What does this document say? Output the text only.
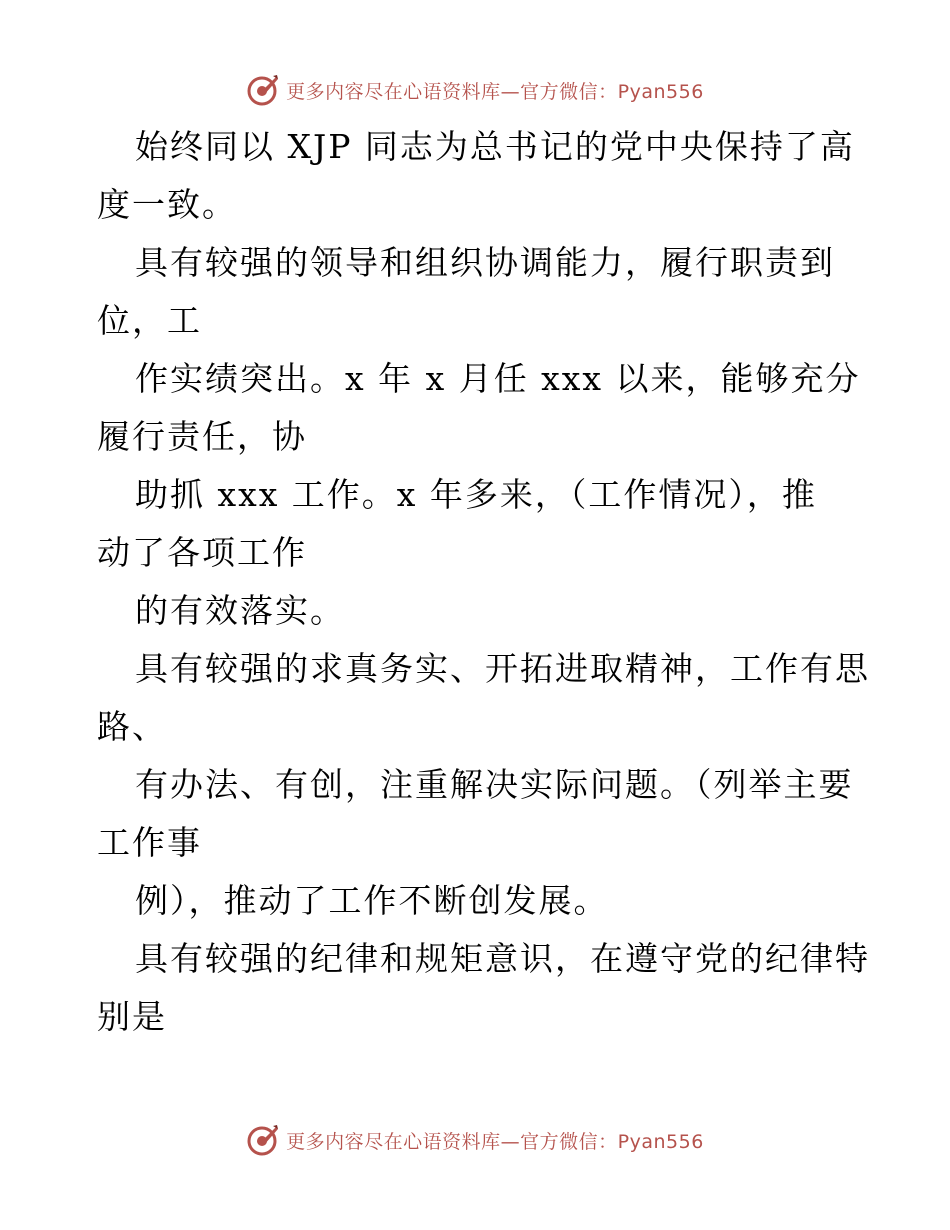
更多内容尽在心语资料库—官方微信：Pyan556
始终同以 XJP 同志为总书记的党中央保持了高
度一致。
具有较强的领导和组织协调能力，履行职责到
位，工
作实绩突出。x 年 x 月任 xxx 以来，能够充分
履行责任，协
助抓 xxx 工作。x 年多来，（工作情况），推
动了各项工作
的有效落实。
具有较强的求真务实、开拓进取精神，工作有思
路、
有办法、有创，注重解决实际问题。（列举主要
工作事
例），推动了工作不断创发展。
具有较强的纪律和规矩意识，在遵守党的纪律特
别是
更多内容尽在心语资料库—官方微信：Pyan556
